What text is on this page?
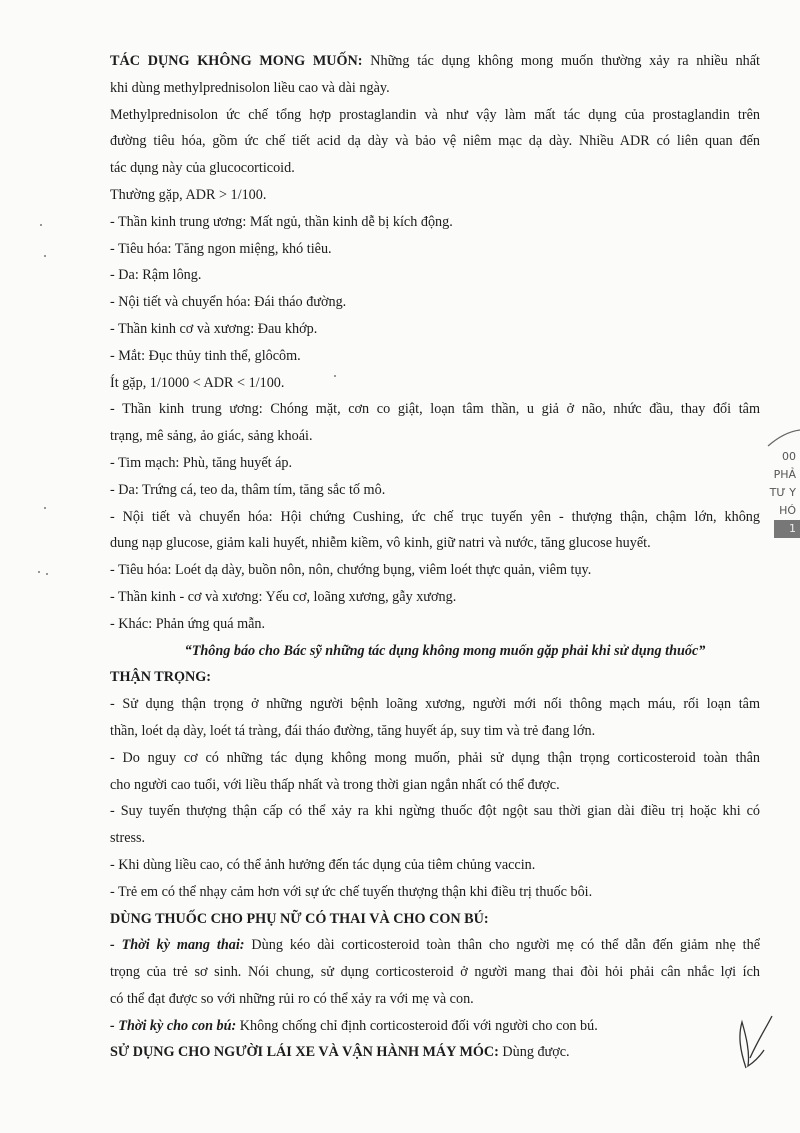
TÁC DỤNG KHÔNG MONG MUỐN: Những tác dụng không mong muốn thường xảy ra nhiều nhất

khi dùng methylprednisolon liều cao và dài ngày.

Methylprednisolon ức chế tổng hợp prostaglandin và như vậy làm mất tác dụng của prostaglandin trên

đường tiêu hóa, gồm ức chế tiết acid dạ dày và bảo vệ niêm mạc dạ dày. Nhiều ADR có liên quan đến

tác dụng này của glucocorticoid.

Thường gặp, ADR > 1/100.

- Thần kinh trung ương: Mất ngủ, thần kinh dễ bị kích động.

- Tiêu hóa: Tăng ngon miệng, khó tiêu.

- Da: Rậm lông.

- Nội tiết và chuyển hóa: Đái tháo đường.

- Thần kinh cơ và xương: Đau khớp.

- Mắt: Đục thủy tinh thể, glôcôm.

Ít gặp, 1/1000 < ADR < 1/100.

- Thần kinh trung ương: Chóng mặt, cơn co giật, loạn tâm thần, u giả ở não, nhức đầu, thay đổi tâm

trạng, mê sảng, ảo giác, sảng khoái.

- Tim mạch: Phù, tăng huyết áp.

- Da: Trứng cá, teo da, thâm tím, tăng sắc tố mô.

- Nội tiết và chuyển hóa: Hội chứng Cushing, ức chế trục tuyến yên - thượng thận, chậm lớn, không

dung nạp glucose, giảm kali huyết, nhiễm kiềm, vô kinh, giữ natri và nước, tăng glucose huyết.

- Tiêu hóa: Loét dạ dày, buồn nôn, nôn, chướng bụng, viêm loét thực quản, viêm tụy.

- Thần kinh - cơ và xương: Yếu cơ, loãng xương, gẫy xương.

- Khác: Phản ứng quá mẫn.

“Thông báo cho Bác sỹ những tác dụng không mong muốn gặp phải khi sử dụng thuốc”

THẬN TRỌNG:

- Sử dụng thận trọng ở những người bệnh loãng xương, người mới nối thông mạch máu, rối loạn tâm

thần, loét dạ dày, loét tá tràng, đái tháo đường, tăng huyết áp, suy tim và trẻ đang lớn.

- Do nguy cơ có những tác dụng không mong muốn, phải sử dụng thận trọng corticosteroid toàn thân

cho người cao tuổi, với liều thấp nhất và trong thời gian ngắn nhất có thể được.

- Suy tuyến thượng thận cấp có thể xảy ra khi ngừng thuốc đột ngột sau thời gian dài điều trị hoặc khi có

stress.

- Khi dùng liều cao, có thể ảnh hưởng đến tác dụng của tiêm chủng vaccin.

- Trẻ em có thể nhạy cảm hơn với sự ức chế tuyến thượng thận khi điều trị thuốc bôi.

DÙNG THUỐC CHO PHỤ NỮ CÓ THAI VÀ CHO CON BÚ:

- Thời kỳ mang thai: Dùng kéo dài corticosteroid toàn thân cho người mẹ có thể dẫn đến giảm nhẹ thể

trọng của trẻ sơ sinh. Nói chung, sử dụng corticosteroid ở người mang thai đòi hỏi phải cân nhắc lợi ích

có thể đạt được so với những rủi ro có thể xảy ra với mẹ và con.

- Thời kỳ cho con bú: Không chống chỉ định corticosteroid đối với người cho con bú.

SỬ DỤNG CHO NGƯỜI LÁI XE VÀ VẬN HÀNH MÁY MÓC: Dùng được.

00
PHẢ
TƯ Y
HÓ
1
